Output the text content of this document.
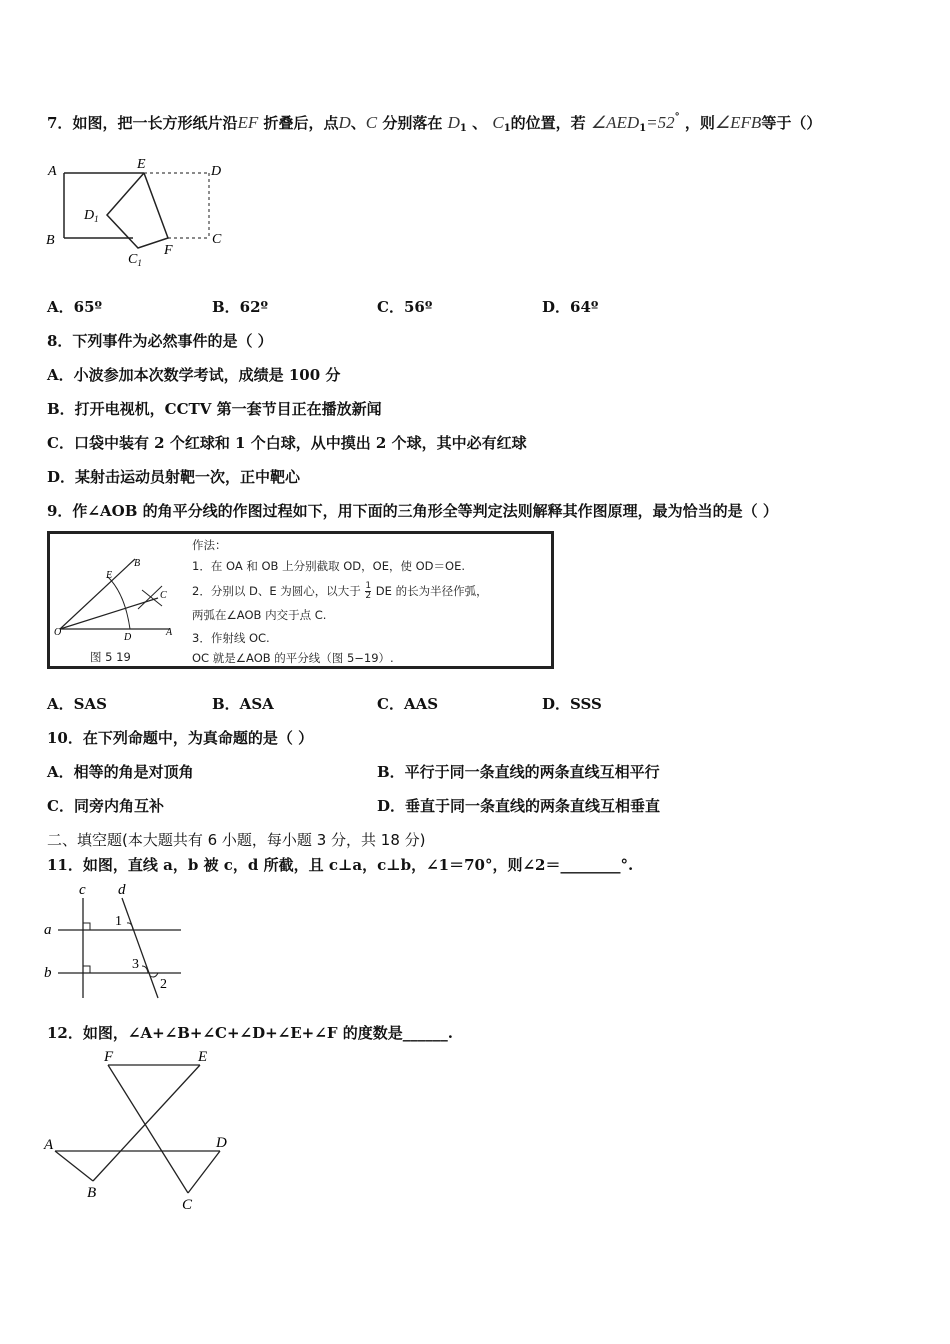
7．如图，把一长方形纸片沿EF 折叠后，点D、C 分别落在 $D_1$ 、 $C_1$的位置，若 $\angle AED_1=52^\circ$ ，则∠EFB等于（）
A	E	D
$D_1$
B	C
$C_1$
F
A．65º	B．62º	C．56º	D．64º
8．下列事件为必然事件的是（ ）
A．小波参加本次数学考试，成绩是 100 分
B．打开电视机，CCTV 第一套节目正在播放新闻
C．口袋中装有 2 个红球和 1 个白球，从中摸出 2 个球，其中必有红球
D．某射击运动员射靶一次，正中靶心
9．作∠AOB 的角平分线的作图过程如下，用下面的三角形全等判定法则解释其作图原理，最为恰当的是（ ）
B
E
C
O	D	A
图 5 19
作法：
1．在 OA 和 OB 上分别截取 OD，OE，使 OD＝OE.
2．分别以 D、E 为圆心，以大于 $\frac{1}{2}$ DE 的长为半径作弧，
两弧在∠AOB 内交于点 C.
3．作射线 OC.
OC 就是∠AOB 的平分线（图 5−19）.
A．SAS	B．ASA	C．AAS	D．SSS
10．在下列命题中，为真命题的是（ ）
A．相等的角是对顶角	B．平行于同一条直线的两条直线互相平行
C．同旁内角互补	D．垂直于同一条直线的两条直线互相垂直
二、填空题(本大题共有 6 小题，每小题 3 分，共 18 分)
11．如图，直线 a，b 被 c，d 所截，且 c⊥a，c⊥b，∠1＝70°，则∠2＝________°.
c d
a
b
1
3
2
12．如图，∠A+∠B+∠C+∠D+∠E+∠F 的度数是______.
F	E
A	D
B
C
